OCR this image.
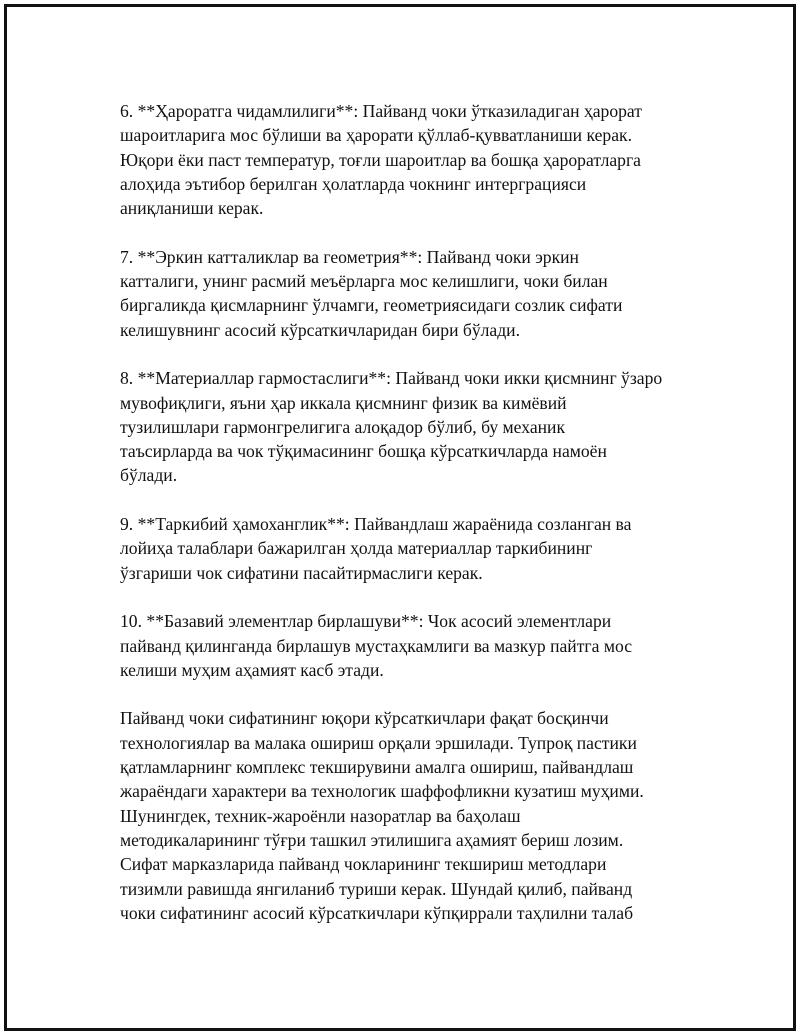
6. **Ҳароратга чидамлилиги**: Пайванд чоки ўтказиладиган ҳарорат
шароитларига мос бўлиши ва ҳарорати қўллаб-қувватланиши керак.
Юқори ёки паст температур, тоғли шароитлар ва бошқа ҳароратларга
алоҳида эътибор берилган ҳолатларда чокнинг интергрaцияси
аниқланиши керак.

7. **Эркин катталиклар ва геометрия**: Пайванд чоки эркин
катталиги, унинг расмий меъёрларга мос келишлиги, чоки билан
биргаликда қисмларнинг ўлчамги, геометриясидаги созлик сифати
келишувнинг асосий кўрсаткичларидан бири бўлади.

8. **Материаллар гармостаслиги**: Пайванд чоки икки қисмнинг ўзаро
мувофиқлиги, яъни ҳар иккала қисмнинг физик ва кимёвий
тузилишлари гармонгрелигига алоқадор бўлиб, бу механик
таъсирларда ва чок тўқимасининг бошқа кўрсаткичларда намоён
бўлади.

9. **Таркибий ҳамоханглик**: Пайвандлаш жараёнида созланган ва
лойиҳа талаблари бажарилган ҳолда материаллар таркибининг
ўзгариши чок сифатини пасайтирмаслиги керак.

10. **Базавий элементлар бирлашуви**: Чок асосий элементлари
пайванд қилинганда бирлашув мустаҳкамлиги ва мазкур пайтга мос
келиши муҳим аҳамият касб этади.

Пайванд чоки сифатининг юқори кўрсаткичлари фақат босқинчи
технологиялар ва малака ошириш орқали эршилади. Тупроқ пастики
қатламларнинг комплекс текширувини амалга ошириш, пайвандлаш
жараёндаги характери ва технологик шаффофликни кузатиш муҳими.
Шунингдек, техник-жароёнли назоратлар ва баҳолаш
методикаларининг тўғри ташкил этилишига аҳамият бериш лозим.
Сифат марказларида пайванд чокларининг текшириш методлари
тизимли равишда янгиланиб туриши керак. Шундай қилиб, пайванд
чоки сифатининг асосий кўрсаткичлари кўпқиррали таҳлилни талаб
